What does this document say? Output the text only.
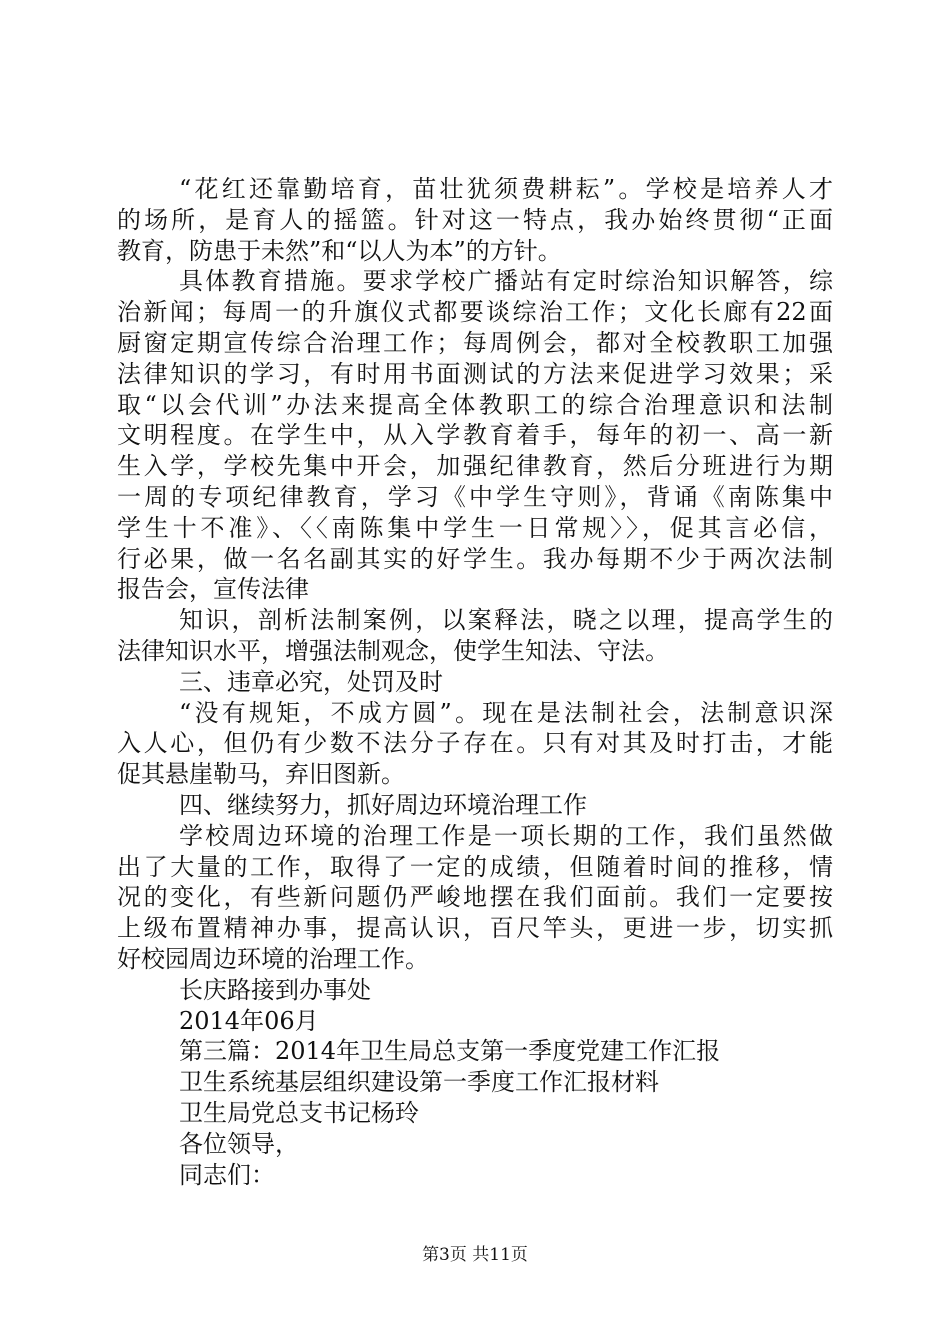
“花红还靠勤培育，苗壮犹须费耕耘”。学校是培养人才
的场所，是育人的摇篮。针对这一特点，我办始终贯彻“正面
教育，防患于未然”和“以人为本”的方针。
具体教育措施。要求学校广播站有定时综治知识解答，综
治新闻；每周一的升旗仪式都要谈综治工作；文化长廊有22面
厨窗定期宣传综合治理工作；每周例会，都对全校教职工加强
法律知识的学习，有时用书面测试的方法来促进学习效果；采
取“以会代训”办法来提高全体教职工的综合治理意识和法制
文明程度。在学生中，从入学教育着手，每年的初一、高一新
生入学，学校先集中开会，加强纪律教育，然后分班进行为期
一周的专项纪律教育，学习《中学生守则》，背诵《南陈集中
学生十不准》、〈〈南陈集中学生一日常规〉〉，促其言必信，
行必果，做一名名副其实的好学生。我办每期不少于两次法制
报告会，宣传法律
知识，剖析法制案例，以案释法，晓之以理，提高学生的
法律知识水平，增强法制观念，使学生知法、守法。
三、违章必究，处罚及时
“没有规矩，不成方圆”。现在是法制社会，法制意识深
入人心，但仍有少数不法分子存在。只有对其及时打击，才能
促其悬崖勒马，弃旧图新。
四、继续努力，抓好周边环境治理工作
学校周边环境的治理工作是一项长期的工作，我们虽然做
出了大量的工作，取得了一定的成绩，但随着时间的推移，情
况的变化，有些新问题仍严峻地摆在我们面前。我们一定要按
上级布置精神办事，提高认识，百尺竿头，更进一步，切实抓
好校园周边环境的治理工作。
长庆路接到办事处
2014年06月
第三篇：2014年卫生局总支第一季度党建工作汇报
卫生系统基层组织建设第一季度工作汇报材料
卫生局党总支书记杨玲
各位领导，
同志们：
第3页 共11页
